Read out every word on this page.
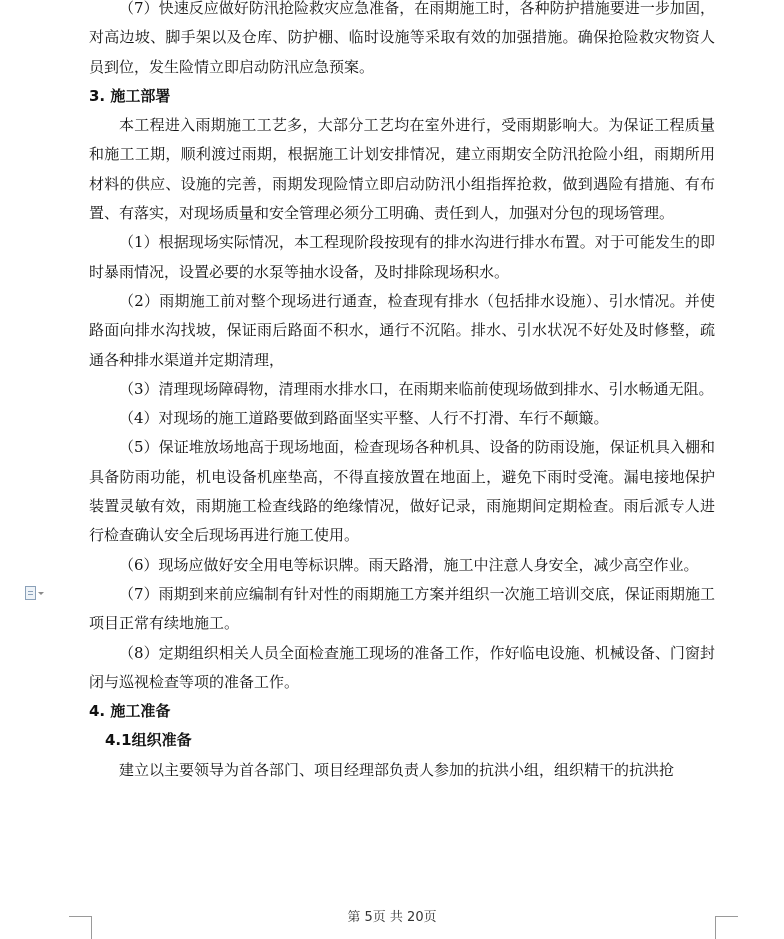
（7）快速反应做好防汛抢险救灾应急准备，在雨期施工时，各种防护措施要进一步加固，对高边坡、脚手架以及仓库、防护棚、临时设施等采取有效的加强措施。确保抢险救灾物资人员到位，发生险情立即启动防汛应急预案。

3. 施工部署

本工程进入雨期施工工艺多，大部分工艺均在室外进行，受雨期影响大。为保证工程质量和施工工期，顺利渡过雨期，根据施工计划安排情况，建立雨期安全防汛抢险小组，雨期所用材料的供应、设施的完善，雨期发现险情立即启动防汛小组指挥抢救，做到遇险有措施、有布置、有落实，对现场质量和安全管理必须分工明确、责任到人，加强对分包的现场管理。

（1）根据现场实际情况，本工程现阶段按现有的排水沟进行排水布置。对于可能发生的即时暴雨情况，设置必要的水泵等抽水设备，及时排除现场积水。

（2）雨期施工前对整个现场进行通查，检查现有排水（包括排水设施）、引水情况。并使路面向排水沟找坡，保证雨后路面不积水，通行不沉陷。排水、引水状况不好处及时修整，疏通各种排水渠道并定期清理，

（3）清理现场障碍物，清理雨水排水口，在雨期来临前使现场做到排水、引水畅通无阻。

（4）对现场的施工道路要做到路面坚实平整、人行不打滑、车行不颠簸。

（5）保证堆放场地高于现场地面，检查现场各种机具、设备的防雨设施，保证机具入棚和具备防雨功能，机电设备机座垫高，不得直接放置在地面上，避免下雨时受淹。漏电接地保护装置灵敏有效，雨期施工检查线路的绝缘情况，做好记录，雨施期间定期检查。雨后派专人进行检查确认安全后现场再进行施工使用。

（6）现场应做好安全用电等标识牌。雨天路滑，施工中注意人身安全，减少高空作业。

（7）雨期到来前应编制有针对性的雨期施工方案并组织一次施工培训交底，保证雨期施工项目正常有续地施工。

（8）定期组织相关人员全面检查施工现场的准备工作，作好临电设施、机械设备、门窗封闭与巡视检查等项的准备工作。

4. 施工准备

4.1组织准备

建立以主要领导为首各部门、项目经理部负责人参加的抗洪小组，组织精干的抗洪抢

第 5页 共 20页
